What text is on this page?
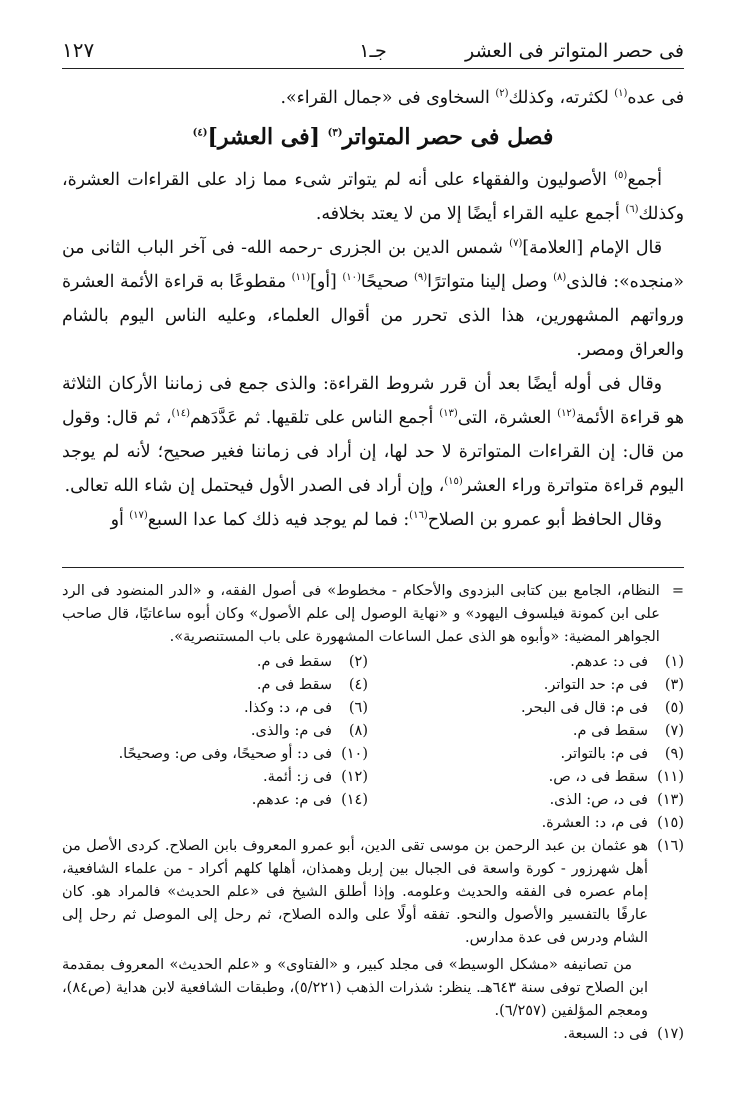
فى حصر المتواتر فى العشر
جـ١
١٢٧

فى عده$^{(١)}$ لكثرته، وكذلك$^{(٢)}$ السخاوى فى «جمال القراء».

فصل فى حصر المتواتر$^{(٣)}$ [فى العشر]$^{(٤)}$

أجمع$^{(٥)}$ الأصوليون والفقهاء على أنه لم يتواتر شىء مما زاد على القراءات العشرة، وكذلك$^{(٦)}$ أجمع عليه القراء أيضًا إلا من لا يعتد بخلافه.

قال الإمام [العلامة]$^{(٧)}$ شمس الدين بن الجزرى -رحمه الله- فى آخر الباب الثانى من «منجده»: فالذى$^{(٨)}$ وصل إلينا متواترًا$^{(٩)}$ صحيحًا$^{(١٠)}$ [أو]$^{(١١)}$ مقطوعًا به قراءة الأئمة العشرة ورواتهم المشهورين، هذا الذى تحرر من أقوال العلماء، وعليه الناس اليوم بالشام والعراق ومصر.

وقال فى أوله أيضًا بعد أن قرر شروط القراءة: والذى جمع فى زماننا الأركان الثلاثة هو قراءة الأئمة$^{(١٢)}$ العشرة، التى$^{(١٣)}$ أجمع الناس على تلقيها. ثم عَدَّدَهم$^{(١٤)}$، ثم قال: وقول من قال: إن القراءات المتواترة لا حد لها، إن أراد فى زماننا فغير صحيح؛ لأنه لم يوجد اليوم قراءة متواترة وراء العشر$^{(١٥)}$، وإن أراد فى الصدر الأول فيحتمل إن شاء الله تعالى.

وقال الحافظ أبو عمرو بن الصلاح$^{(١٦)}$: فما لم يوجد فيه ذلك كما عدا السبع$^{(١٧)}$ أو

=
النظام، الجامع بين كتابى البزدوى والأحكام - مخطوط» فى أصول الفقه، و «الدر المنضود فى الرد على ابن كمونة فيلسوف اليهود» و «نهاية الوصول إلى علم الأصول» وكان أبوه ساعاتيًا، قال صاحب الجواهر المضية: «وأبوه هو الذى عمل الساعات المشهورة على باب المستنصرية».
(١)
فى د: عدهم.
(٢)
سقط فى م.
(٣)
فى م: حد التواتر.
(٤)
سقط فى م.
(٥)
فى م: قال فى البحر.
(٦)
فى م، د: وكذا.
(٧)
سقط فى م.
(٨)
فى م: والذى.
(٩)
فى م: بالتواتر.
(١٠)
فى د: أو صحيحًا، وفى ص: وصحيحًا.
(١١)
سقط فى د، ص.
(١٢)
فى ز: أئمة.
(١٣)
فى د، ص: الذى.
(١٤)
فى م: عدهم.
(١٥)
فى م، د: العشرة.
(١٦)

هو عثمان بن عبد الرحمن بن موسى تقى الدين، أبو عمرو المعروف بابن الصلاح. كردى الأصل من أهل شهرزور - كورة واسعة فى الجبال بين إربل وهمذان، أهلها كلهم أكراد - من علماء الشافعية، إمام عصره فى الفقه والحديث وعلومه. وإذا أطلق الشيخ فى «علم الحديث» فالمراد هو. كان عارفًا بالتفسير والأصول والنحو. تفقه أولًا على والده الصلاح، ثم رحل إلى الموصل ثم رحل إلى الشام ودرس فى عدة مدارس.

من تصانيفه «مشكل الوسيط» فى مجلد كبير، و «الفتاوى» و «علم الحديث» المعروف بمقدمة ابن الصلاح توفى سنة ٦٤٣هـ. ينظر: شذرات الذهب (٥/٢٢١)، وطبقات الشافعية لابن هداية (ص٨٤)، ومعجم المؤلفين (٦/٢٥٧).

(١٧)
فى د: السبعة.
